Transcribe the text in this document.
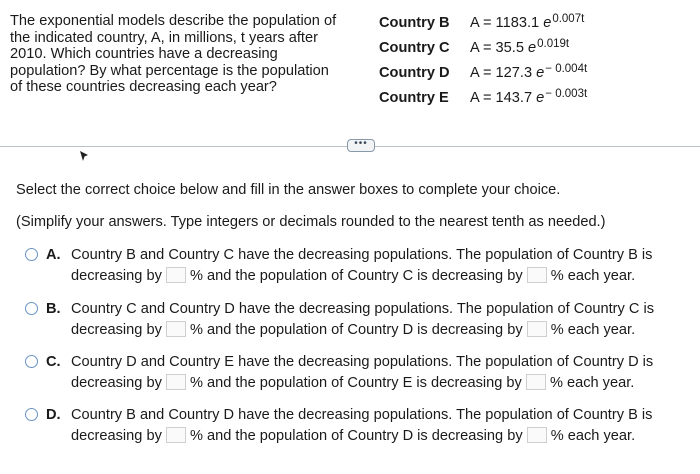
The exponential models describe the population of
the indicated country, A, in millions, t years after
2010. Which countries have a decreasing
population? By what percentage is the population
of these countries decreasing each year?
Country B A = 1183.1 $e^{0.007t}$
Country C A = 35.5 $e^{0.019t}$
Country D A = 127.3 $e^{- 0.004t}$
Country E A = 143.7 $e^{- 0.003t}$
•••
Select the correct choice below and fill in the answer boxes to complete your choice.
(Simplify your answers. Type integers or decimals rounded to the nearest tenth as needed.)
A. Country B and Country C have the decreasing populations. The population of Country B is
decreasing by % and the population of Country C is decreasing by % each year.
B. Country C and Country D have the decreasing populations. The population of Country C is
decreasing by % and the population of Country D is decreasing by % each year.
C. Country D and Country E have the decreasing populations. The population of Country D is
decreasing by % and the population of Country E is decreasing by % each year.
D. Country B and Country D have the decreasing populations. The population of Country B is
decreasing by % and the population of Country D is decreasing by % each year.
